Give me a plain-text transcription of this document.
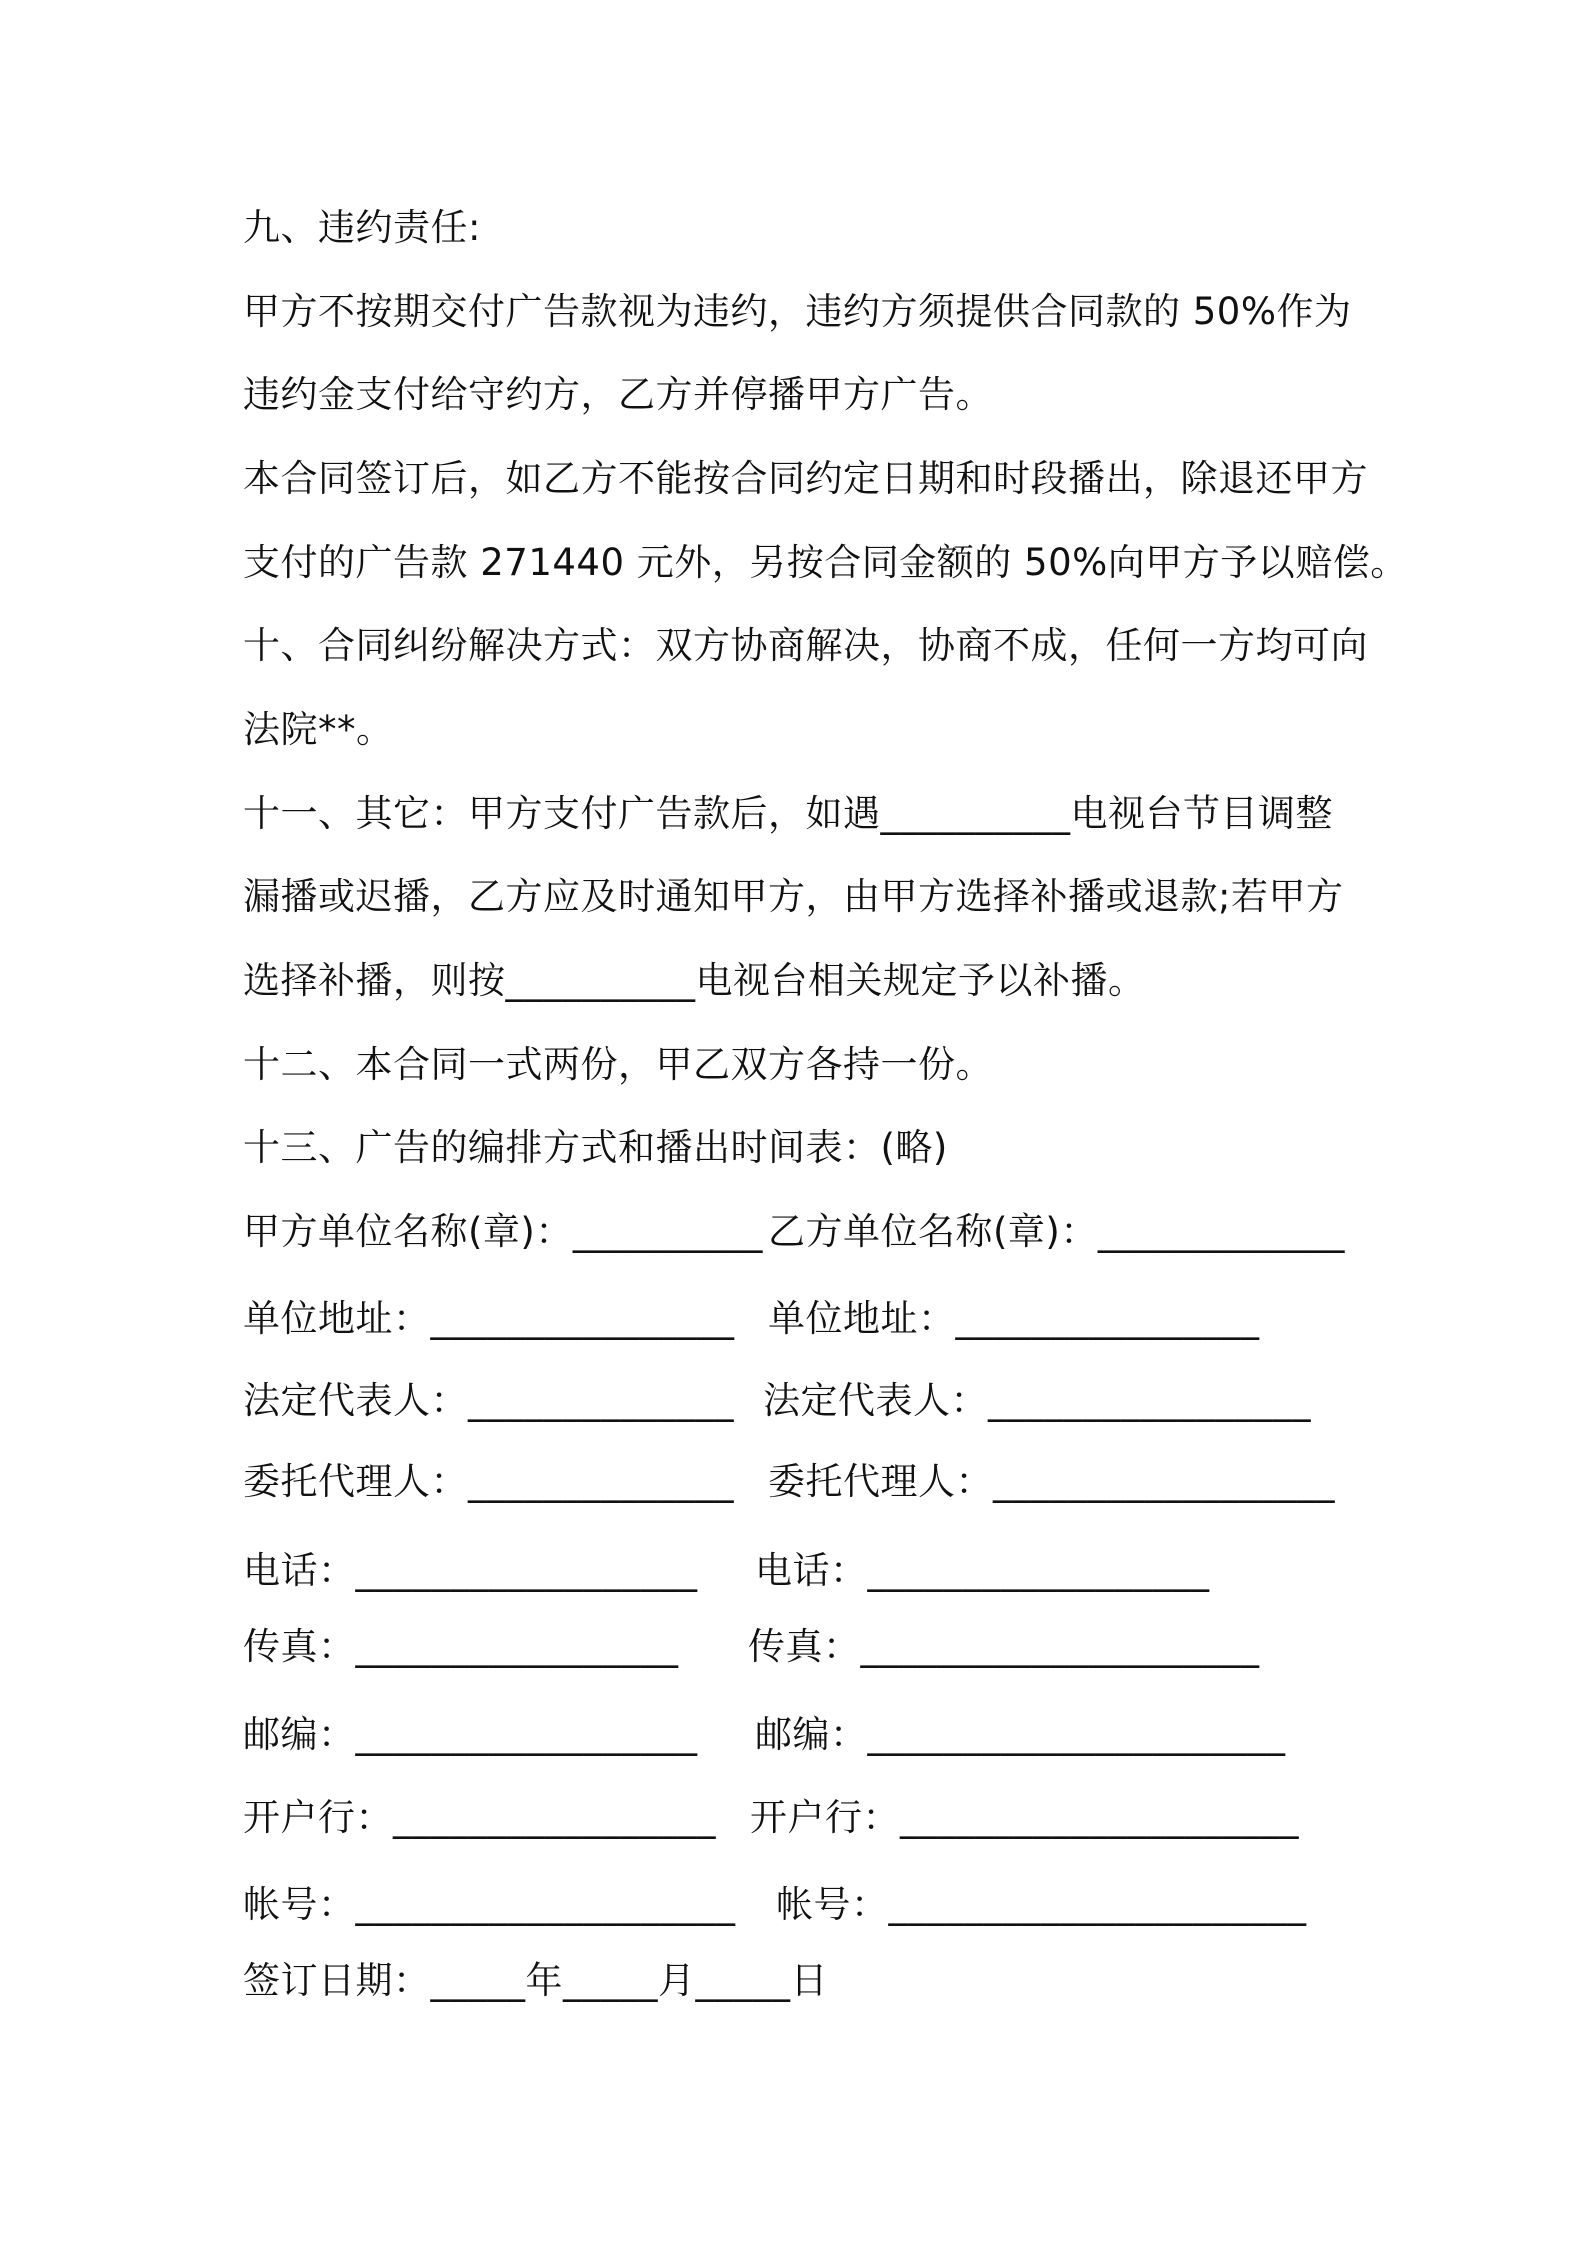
九、违约责任:
甲方不按期交付广告款视为违约，违约方须提供合同款的 50%作为
违约金支付给守约方，乙方并停播甲方广告。
本合同签订后，如乙方不能按合同约定日期和时段播出，除退还甲方
支付的广告款 271440 元外，另按合同金额的 50%向甲方予以赔偿。
十、合同纠纷解决方式：双方协商解决，协商不成，任何一方均可向
法院**。
十一、其它：甲方支付广告款后，如遇__________电视台节目调整
漏播或迟播，乙方应及时通知甲方，由甲方选择补播或退款;若甲方
选择补播，则按__________电视台相关规定予以补播。
十二、本合同一式两份，甲乙双方各持一份。
十三、广告的编排方式和播出时间表：(略)

甲方单位名称(章)：__________

乙方单位名称(章)：_____________

单位地址：________________

单位地址：________________

法定代表人：______________

法定代表人：_________________

委托代理人：______________

委托代理人：__________________

电话：__________________

电话：__________________

传真：_________________

传真：_____________________

邮编：__________________

邮编：______________________

开户行：_________________

开户行：_____________________

帐号：____________________

帐号：______________________

签订日期：_____年_____月_____日
